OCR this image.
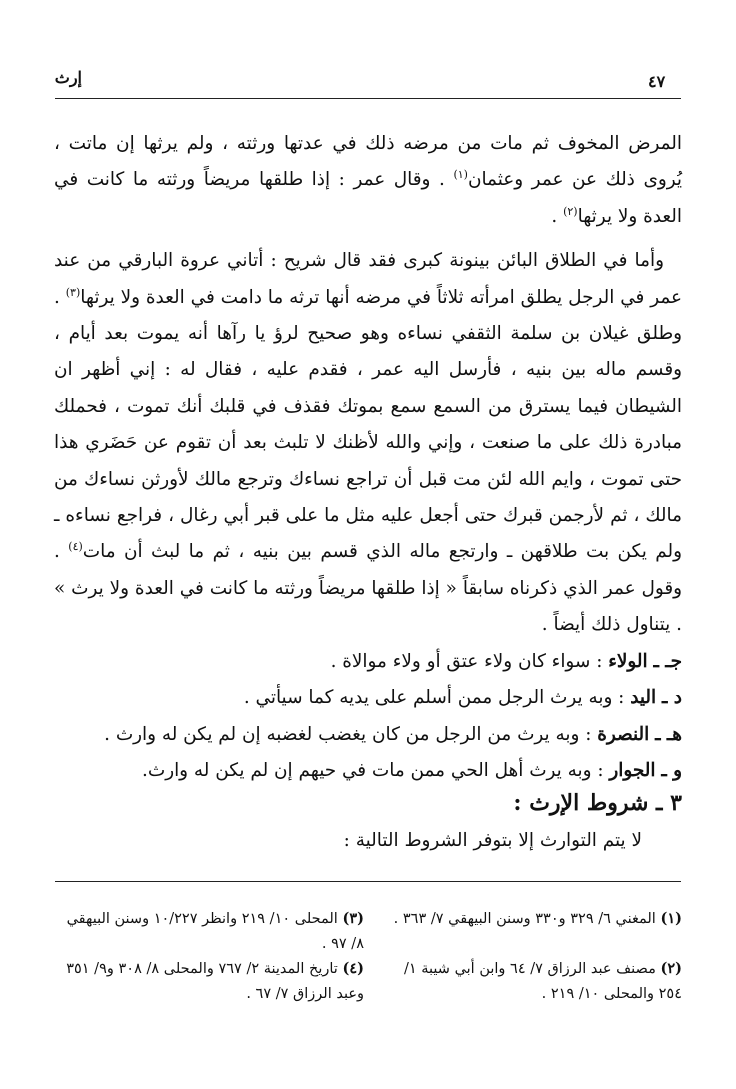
إرث	٤٧

المرض المخوف ثم مات من مرضه ذلك في عدتها ورثته ، ولم يرثها إن ماتت ، يُروى ذلك عن عمر وعثمان$^{(١)}$ . وقال عمر : إذا طلقها مريضاً ورثته ما كانت في العدة ولا يرثها$^{(٢)}$ .

وأما في الطلاق البائن بينونة كبرى فقد قال شريح : أتاني عروة البارقي من عند عمر في الرجل يطلق امرأته ثلاثاً في مرضه أنها ترثه ما دامت في العدة ولا يرثها$^{(٣)}$ . وطلق غيلان بن سلمة الثقفي نساءه وهو صحيح لرؤ يا رآها أنه يموت بعد أيام ، وقسم ماله بين بنيه ، فأرسل اليه عمر ، فقدم عليه ، فقال له : إني أظهر ان الشيطان فيما يسترق من السمع سمع بموتك فقذف في قلبك أنك تموت ، فحملك مبادرة ذلك على ما صنعت ، وإني والله لأظنك لا تلبث بعد أن تقوم عن حَضَري هذا حتى تموت ، وايم الله لئن مت قبل أن تراجع نساءك وترجع مالك لأورثن نساءك من مالك ، ثم لأرجمن قبرك حتى أجعل عليه مثل ما على قبر أبي رغال ، فراجع نساءه ـ ولم يكن بت طلاقهن ـ وارتجع ماله الذي قسم بين بنيه ، ثم ما لبث أن مات$^{(٤)}$ . وقول عمر الذي ذكرناه سابقاً « إذا طلقها مريضاً ورثته ما كانت في العدة ولا يرث » . يتناول ذلك أيضاً .

جـ ـ الولاء : سواء كان ولاء عتق أو ولاء موالاة .
د ـ اليد : وبه يرث الرجل ممن أسلم على يديه كما سيأتي .
هـ ـ النصرة : وبه يرث من الرجل من كان يغضب لغضبه إن لم يكن له وارث .
و ـ الجوار : وبه يرث أهل الحي ممن مات في حيهم إن لم يكن له وارث.
٣ ـ شروط الإرث :
لا يتم التوارث إلا بتوفر الشروط التالية :
(١) المغني ٦/ ٣٢٩ و٣٣٠ وسنن البيهقي ٧/ ٣٦٣ .
(٢) مصنف عبد الرزاق ٧/ ٦٤ وابن أبي شيبة ١/ ٢٥٤ والمحلى ١٠/ ٢١٩ .
(٣) المحلى ١٠/ ٢١٩ وانظر ١٠/٢٢٧ وسنن البيهقي ٨/ ٩٧ .
(٤) تاريخ المدينة ٢/ ٧٦٧ والمحلى ٨/ ٣٠٨ و٩/ ٣٥١ وعبد الرزاق ٧/ ٦٧ .
